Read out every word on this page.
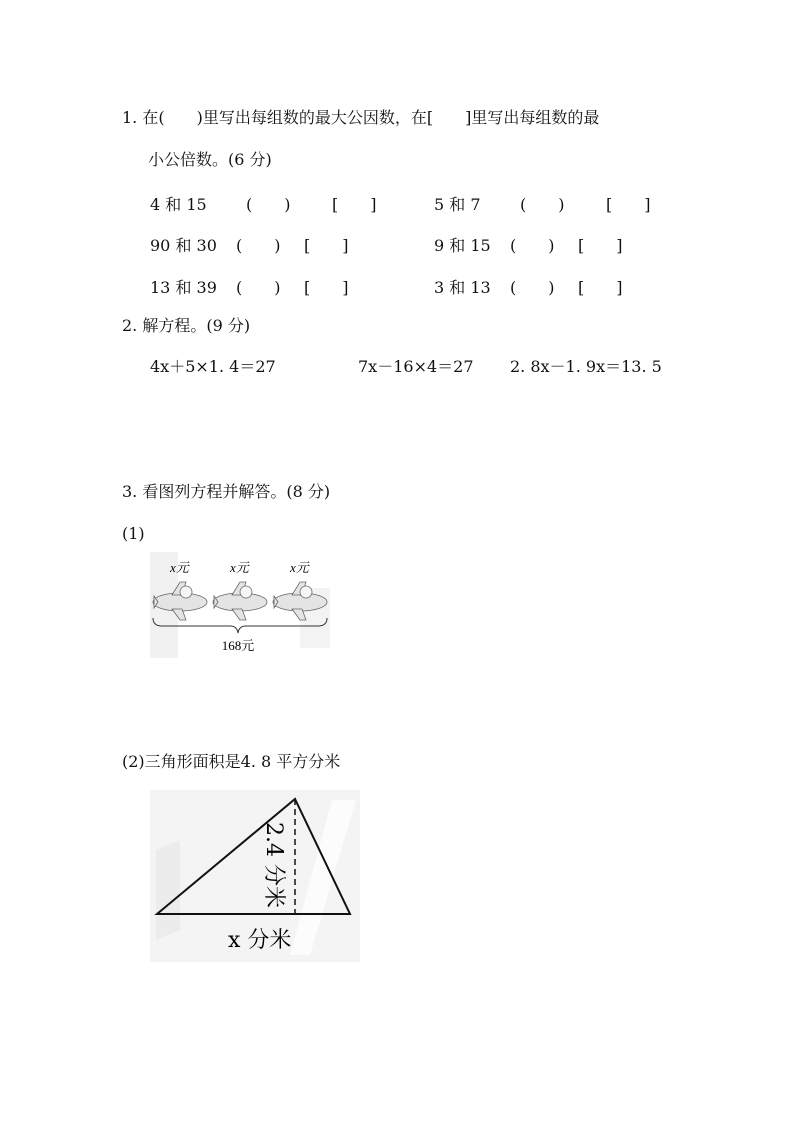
1. 在(　　)里写出每组数的最大公因数，在[　　]里写出每组数的最
小公倍数。(6 分)
4 和 15 (　　)	[　　]	5 和 7 (　　)	[　　]
90 和 30 (　　) [　　]	9 和 15 (　　) [　　]
13 和 39 (　　) [　　]	3 和 13 (　　) [　　]
2. 解方程。(9 分)
4x＋5×1. 4＝27	7x－16×4＝27 2. 8x－1. 9x＝13. 5
3. 看图列方程并解答。(8 分)
(1)
x元	x元	x元
168元
(2)三角形面积是4. 8 平方分米
2.4 分米
x 分米
